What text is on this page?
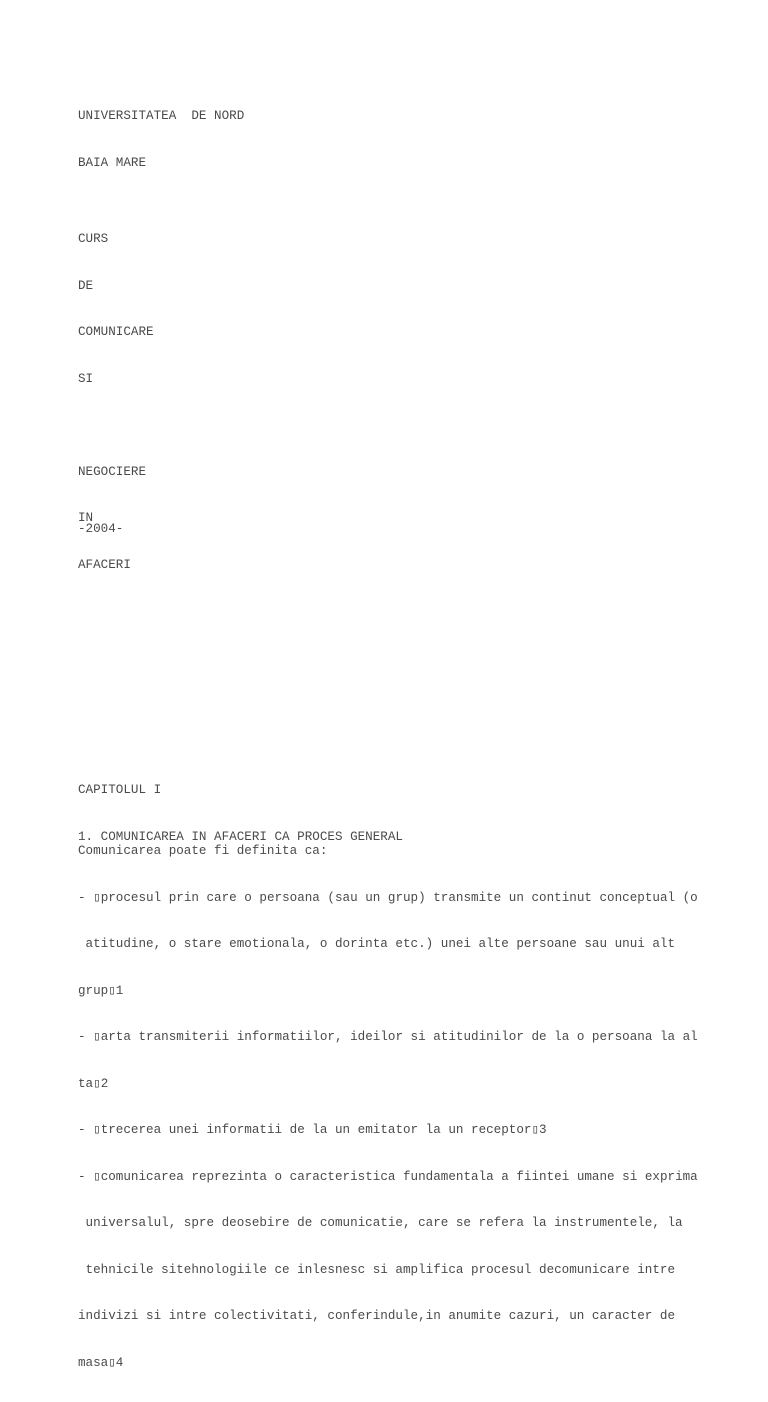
UNIVERSITATEA  DE NORD

BAIA MARE

CURS

DE

COMUNICARE

SI

NEGOCIERE

IN

AFACERI

-2004-

CAPITOLUL I

1. COMUNICAREA IN AFACERI CA PROCES GENERAL

Comunicarea poate fi definita ca:

- ▯procesul prin care o persoana (sau un grup) transmite un continut conceptual (o

atitudine, o stare emotionala, o dorinta etc.) unei alte persoane sau unui alt

grup▯1

- ▯arta transmiterii informatiilor, ideilor si atitudinilor de la o persoana la al

ta▯2

- ▯trecerea unei informatii de la un emitator la un receptor▯3

- ▯comunicarea reprezinta o caracteristica fundamentala a fiintei umane si exprima

universalul, spre deosebire de comunicatie, care se refera la instrumentele, la

tehnicile sitehnologiile ce inlesnesc si amplifica procesul decomunicare intre

indivizi si intre colectivitati, conferindule,in anumite cazuri, un caracter de

masa▯4
